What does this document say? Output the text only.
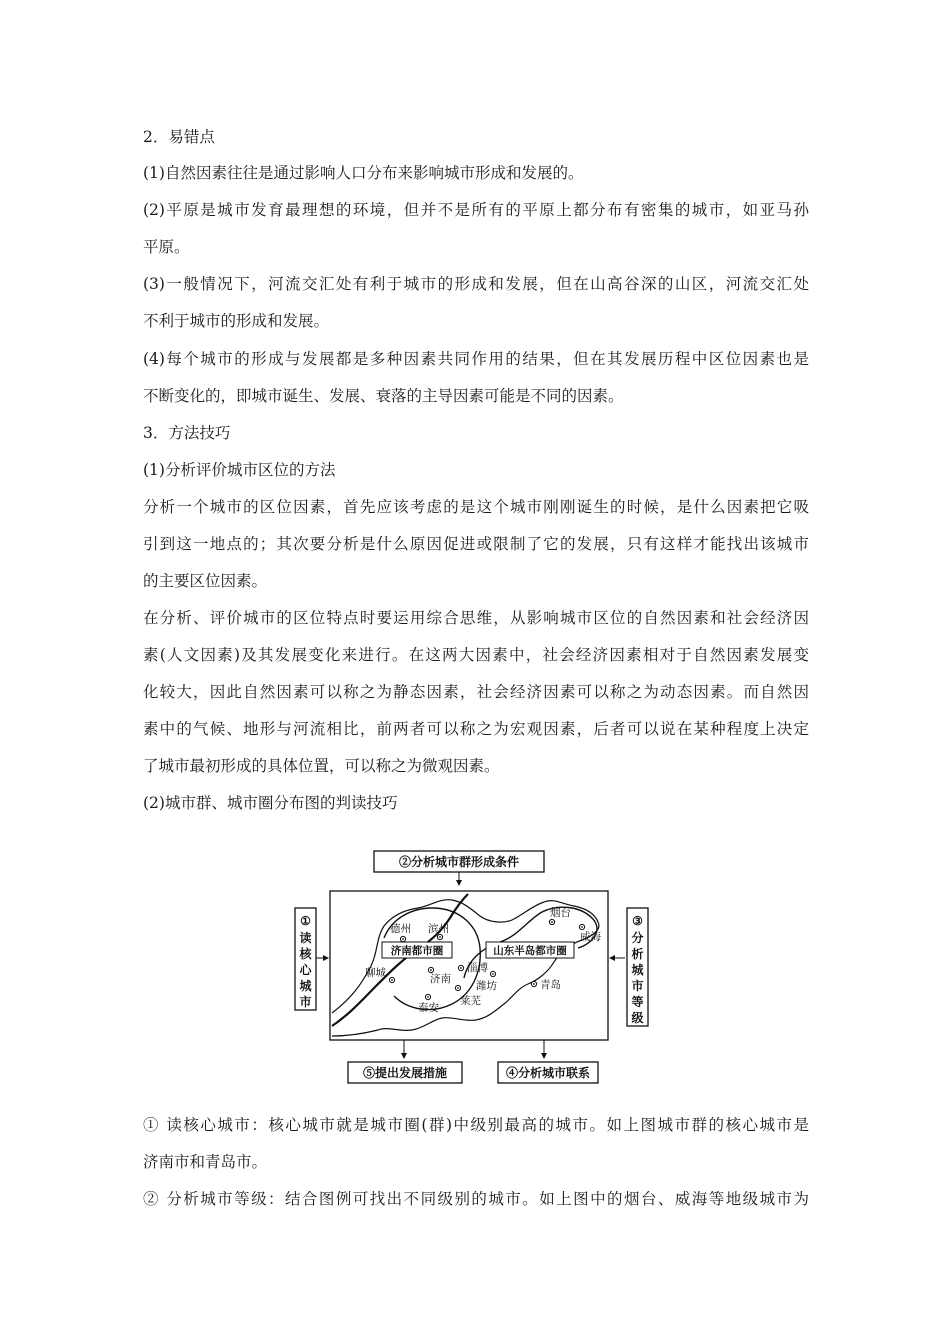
2．易错点
(1)自然因素往往是通过影响人口分布来影响城市形成和发展的。
(2)平原是城市发育最理想的环境，但并不是所有的平原上都分布有密集的城市，如亚马孙
平原。
(3)一般情况下，河流交汇处有利于城市的形成和发展，但在山高谷深的山区，河流交汇处
不利于城市的形成和发展。
(4)每个城市的形成与发展都是多种因素共同作用的结果，但在其发展历程中区位因素也是
不断变化的，即城市诞生、发展、衰落的主导因素可能是不同的因素。
3．方法技巧
(1)分析评价城市区位的方法
分析一个城市的区位因素，首先应该考虑的是这个城市刚刚诞生的时候，是什么因素把它吸
引到这一地点的；其次要分析是什么原因促进或限制了它的发展，只有这样才能找出该城市
的主要区位因素。
在分析、评价城市的区位特点时要运用综合思维，从影响城市区位的自然因素和社会经济因
素(人文因素)及其发展变化来进行。在这两大因素中，社会经济因素相对于自然因素发展变
化较大，因此自然因素可以称之为静态因素，社会经济因素可以称之为动态因素。而自然因
素中的气候、地形与河流相比，前两者可以称之为宏观因素，后者可以说在某种程度上决定
了城市最初形成的具体位置，可以称之为微观因素。
(2)城市群、城市圈分布图的判读技巧
②分析城市群形成条件
①
读
核
心
城
市
③
分
析
城
市
等
级
⑤提出发展措施	④分析城市联系
济南都市圈	山东半岛都市圈
德州 滨州
聊城	济南
淄博
泰安
莱芜
潍坊	青岛
烟台
威海
① 读核心城市：核心城市就是城市圈(群)中级别最高的城市。如上图城市群的核心城市是
济南市和青岛市。
② 分析城市等级：结合图例可找出不同级别的城市。如上图中的烟台、威海等地级城市为
